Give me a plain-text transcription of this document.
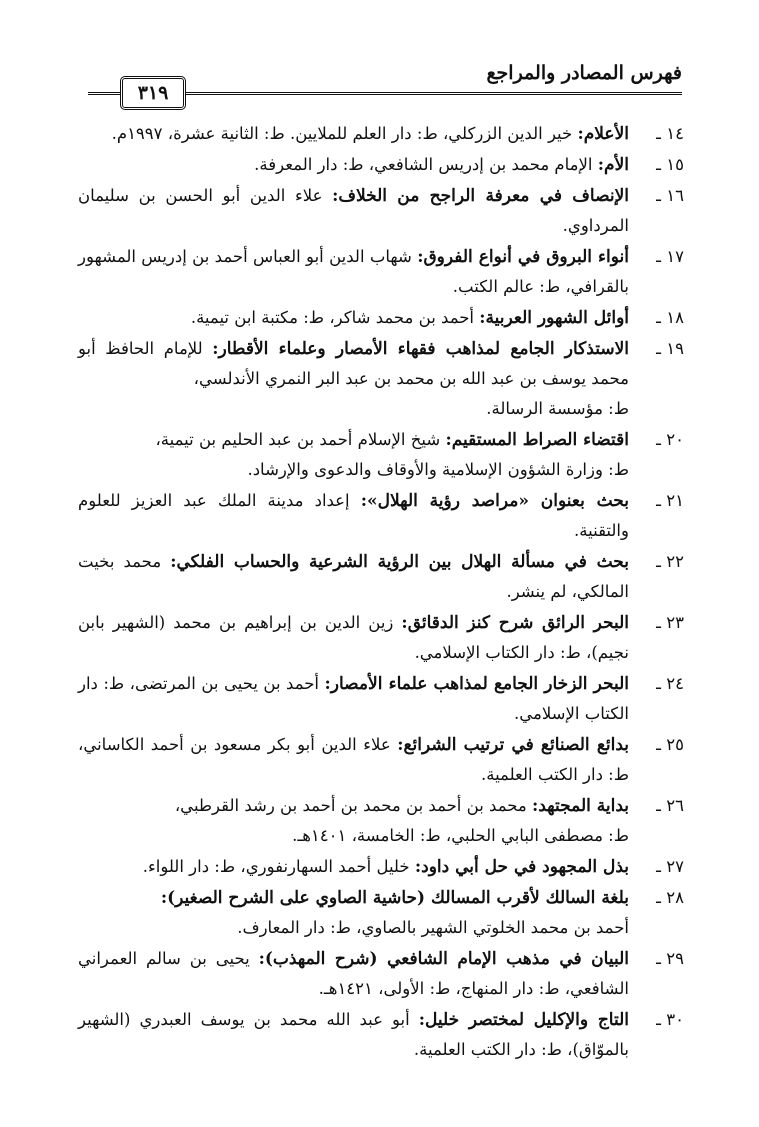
فهرس المصادر والمراجع
٣١٩
١٤ ـ
الأعلام: خير الدين الزركلي، ط: دار العلم للملايين. ط: الثانية عشرة، ١٩٩٧م.
١٥ ـ
الأم: الإمام محمد بن إدريس الشافعي، ط: دار المعرفة.
١٦ ـ
الإنصاف في معرفة الراجح من الخلاف: علاء الدين أبو الحسن بن سليمان المرداوي.
١٧ ـ
أنواء البروق في أنواع الفروق: شهاب الدين أبو العباس أحمد بن إدريس المشهور بالقرافي، ط: عالم الكتب.
١٨ ـ
أوائل الشهور العربية: أحمد بن محمد شاكر، ط: مكتبة ابن تيمية.
١٩ ـ
الاستذكار الجامع لمذاهب فقهاء الأمصار وعلماء الأقطار: للإمام الحافظ أبو محمد يوسف بن عبد الله بن محمد بن عبد البر النمري الأندلسي،
ط: مؤسسة الرسالة.
٢٠ ـ
اقتضاء الصراط المستقيم: شيخ الإسلام أحمد بن عبد الحليم بن تيمية،
ط: وزارة الشؤون الإسلامية والأوقاف والدعوى والإرشاد.
٢١ ـ
بحث بعنوان «مراصد رؤية الهلال»: إعداد مدينة الملك عبد العزيز للعلوم والتقنية.
٢٢ ـ
بحث في مسألة الهلال بين الرؤية الشرعية والحساب الفلكي: محمد بخيت المالكي، لم ينشر.
٢٣ ـ
البحر الرائق شرح كنز الدقائق: زين الدين بن إبراهيم بن محمد (الشهير بابن نجيم)، ط: دار الكتاب الإسلامي.
٢٤ ـ
البحر الزخار الجامع لمذاهب علماء الأمصار: أحمد بن يحيى بن المرتضى، ط: دار الكتاب الإسلامي.
٢٥ ـ
بدائع الصنائع في ترتيب الشرائع: علاء الدين أبو بكر مسعود بن أحمد الكاساني، ط: دار الكتب العلمية.
٢٦ ـ
بداية المجتهد: محمد بن أحمد بن محمد بن أحمد بن رشد القرطبي،
ط: مصطفى البابي الحلبي، ط: الخامسة، ١٤٠١هـ.
٢٧ ـ
بذل المجهود في حل أبي داود: خليل أحمد السهارنفوري، ط: دار اللواء.
٢٨ ـ
بلغة السالك لأقرب المسالك (حاشية الصاوي على الشرح الصغير):
أحمد بن محمد الخلوتي الشهير بالصاوي، ط: دار المعارف.
٢٩ ـ
البيان في مذهب الإمام الشافعي (شرح المهذب): يحيى بن سالم العمراني الشافعي، ط: دار المنهاج، ط: الأولى، ١٤٢١هـ.
٣٠ ـ
التاج والإكليل لمختصر خليل: أبو عبد الله محمد بن يوسف العبدري (الشهير بالموّاق)، ط: دار الكتب العلمية.
